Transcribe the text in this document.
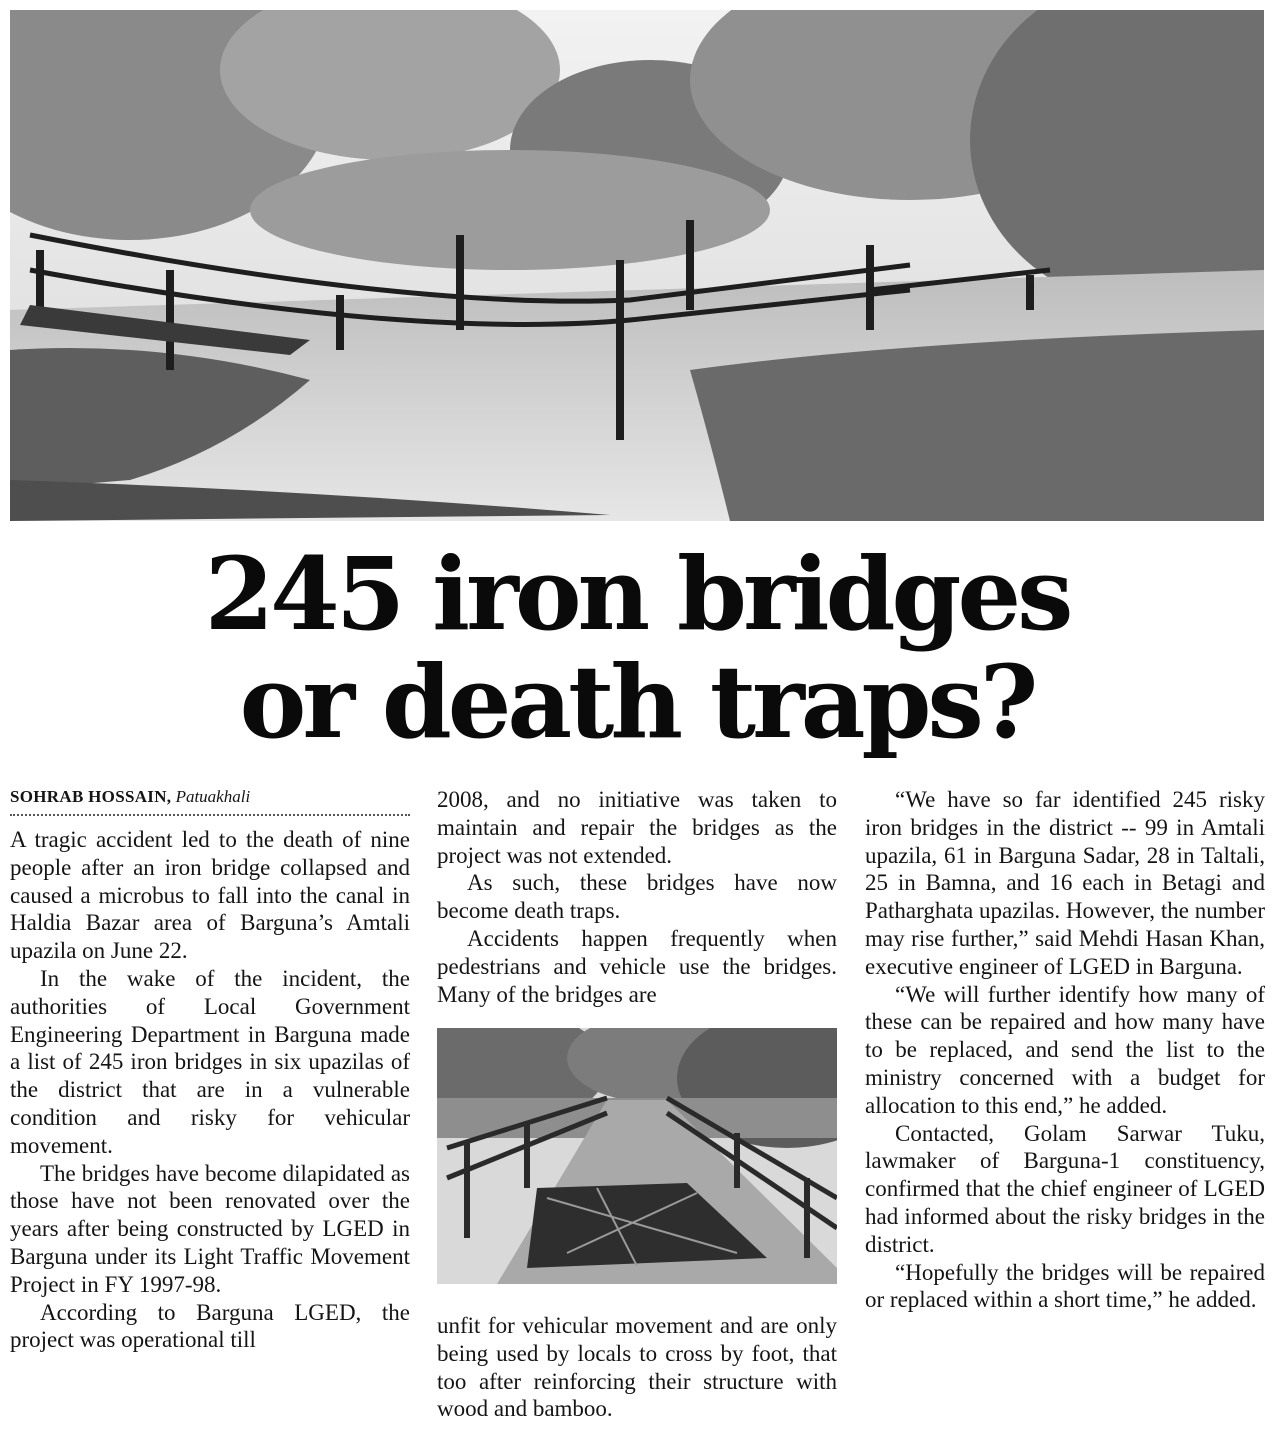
245 iron bridges
or death traps?
SOHRAB HOSSAIN, Patuakhali

A tragic accident led to the death of nine people after an iron bridge collapsed and caused a microbus to fall into the canal in Haldia Bazar area of Barguna’s Amtali upazila on June 22.

In the wake of the incident, the authorities of Local Government Engineering Department in Barguna made a list of 245 iron bridges in six upazilas of the district that are in a vulnerable condition and risky for vehicular movement.

The bridges have become dilapidated as those have not been renovated over the years after being constructed by LGED in Barguna under its Light Traffic Movement Project in FY 1997-98.

According to Barguna LGED, the project was operational till

2008, and no initiative was taken to maintain and repair the bridges as the project was not extended.

As such, these bridges have now become death traps.

Accidents happen frequently when pedestrians and vehicle use the bridges. Many of the bridges are

unfit for vehicular movement and are only being used by locals to cross by foot, that too after reinforcing their structure with wood and bamboo.

“We have so far identified 245 risky iron bridges in the district -- 99 in Amtali upazila, 61 in Barguna Sadar, 28 in Taltali, 25 in Bamna, and 16 each in Betagi and Patharghata upazilas. However, the number may rise further,” said Mehdi Hasan Khan, executive engineer of LGED in Barguna.

“We will further identify how many of these can be repaired and how many have to be replaced, and send the list to the ministry concerned with a budget for allocation to this end,” he added.

Contacted, Golam Sarwar Tuku, lawmaker of Barguna-1 constituency, confirmed that the chief engineer of LGED had informed about the risky bridges in the district.

“Hopefully the bridges will be repaired or replaced within a short time,” he added.
